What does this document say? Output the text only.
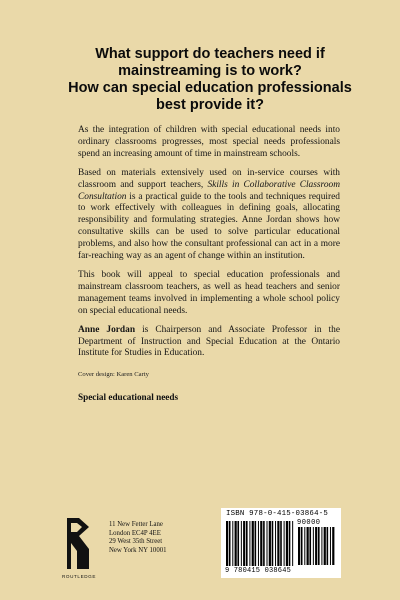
What support do teachers need if mainstreaming is to work?
How can special education professionals best provide it?

As the integration of children with special educational needs into ordinary classrooms progresses, most special needs professionals spend an increasing amount of time in mainstream schools.

Based on materials extensively used on in-service courses with classroom and support teachers, Skills in Collaborative Classroom Consultation is a practical guide to the tools and techniques required to work effectively with colleagues in defining goals, allocating responsibility and formulating strategies. Anne Jordan shows how consultative skills can be used to solve particular educational problems, and also how the consultant professional can act in a more far-reaching way as an agent of change within an institution.

This book will appeal to special education professionals and mainstream classroom teachers, as well as head teachers and senior management teams involved in implementing a whole school policy on special educational needs.

Anne Jordan is Chairperson and Associate Professor in the Department of Instruction and Special Education at the Ontario Institute for Studies in Education.

Cover design: Karen Carty
Special educational needs
ROUTLEDGE
11 New Fetter Lane
London EC4P 4EE
29 West 35th Street
New York NY 10001
ISBN 978-0-415-03864-5
90000
9 780415 038645
